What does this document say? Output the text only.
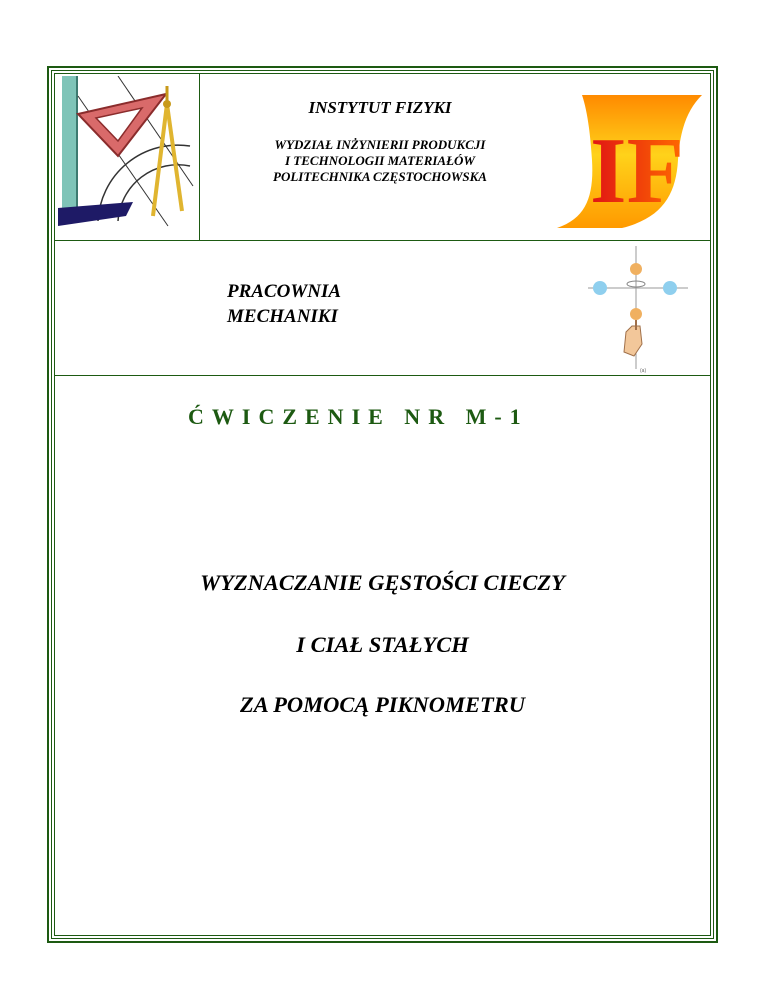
IF
(a)
INSTYTUT FIZYKI
WYDZIAŁ INŻYNIERII PRODUKCJI
I TECHNOLOGII MATERIAŁÓW
POLITECHNIKA CZĘSTOCHOWSKA
PRACOWNIA
MECHANIKI
ĆWICZENIE NR M-1
WYZNACZANIE GĘSTOŚCI CIECZY
I CIAŁ STAŁYCH
ZA POMOCĄ PIKNOMETRU
